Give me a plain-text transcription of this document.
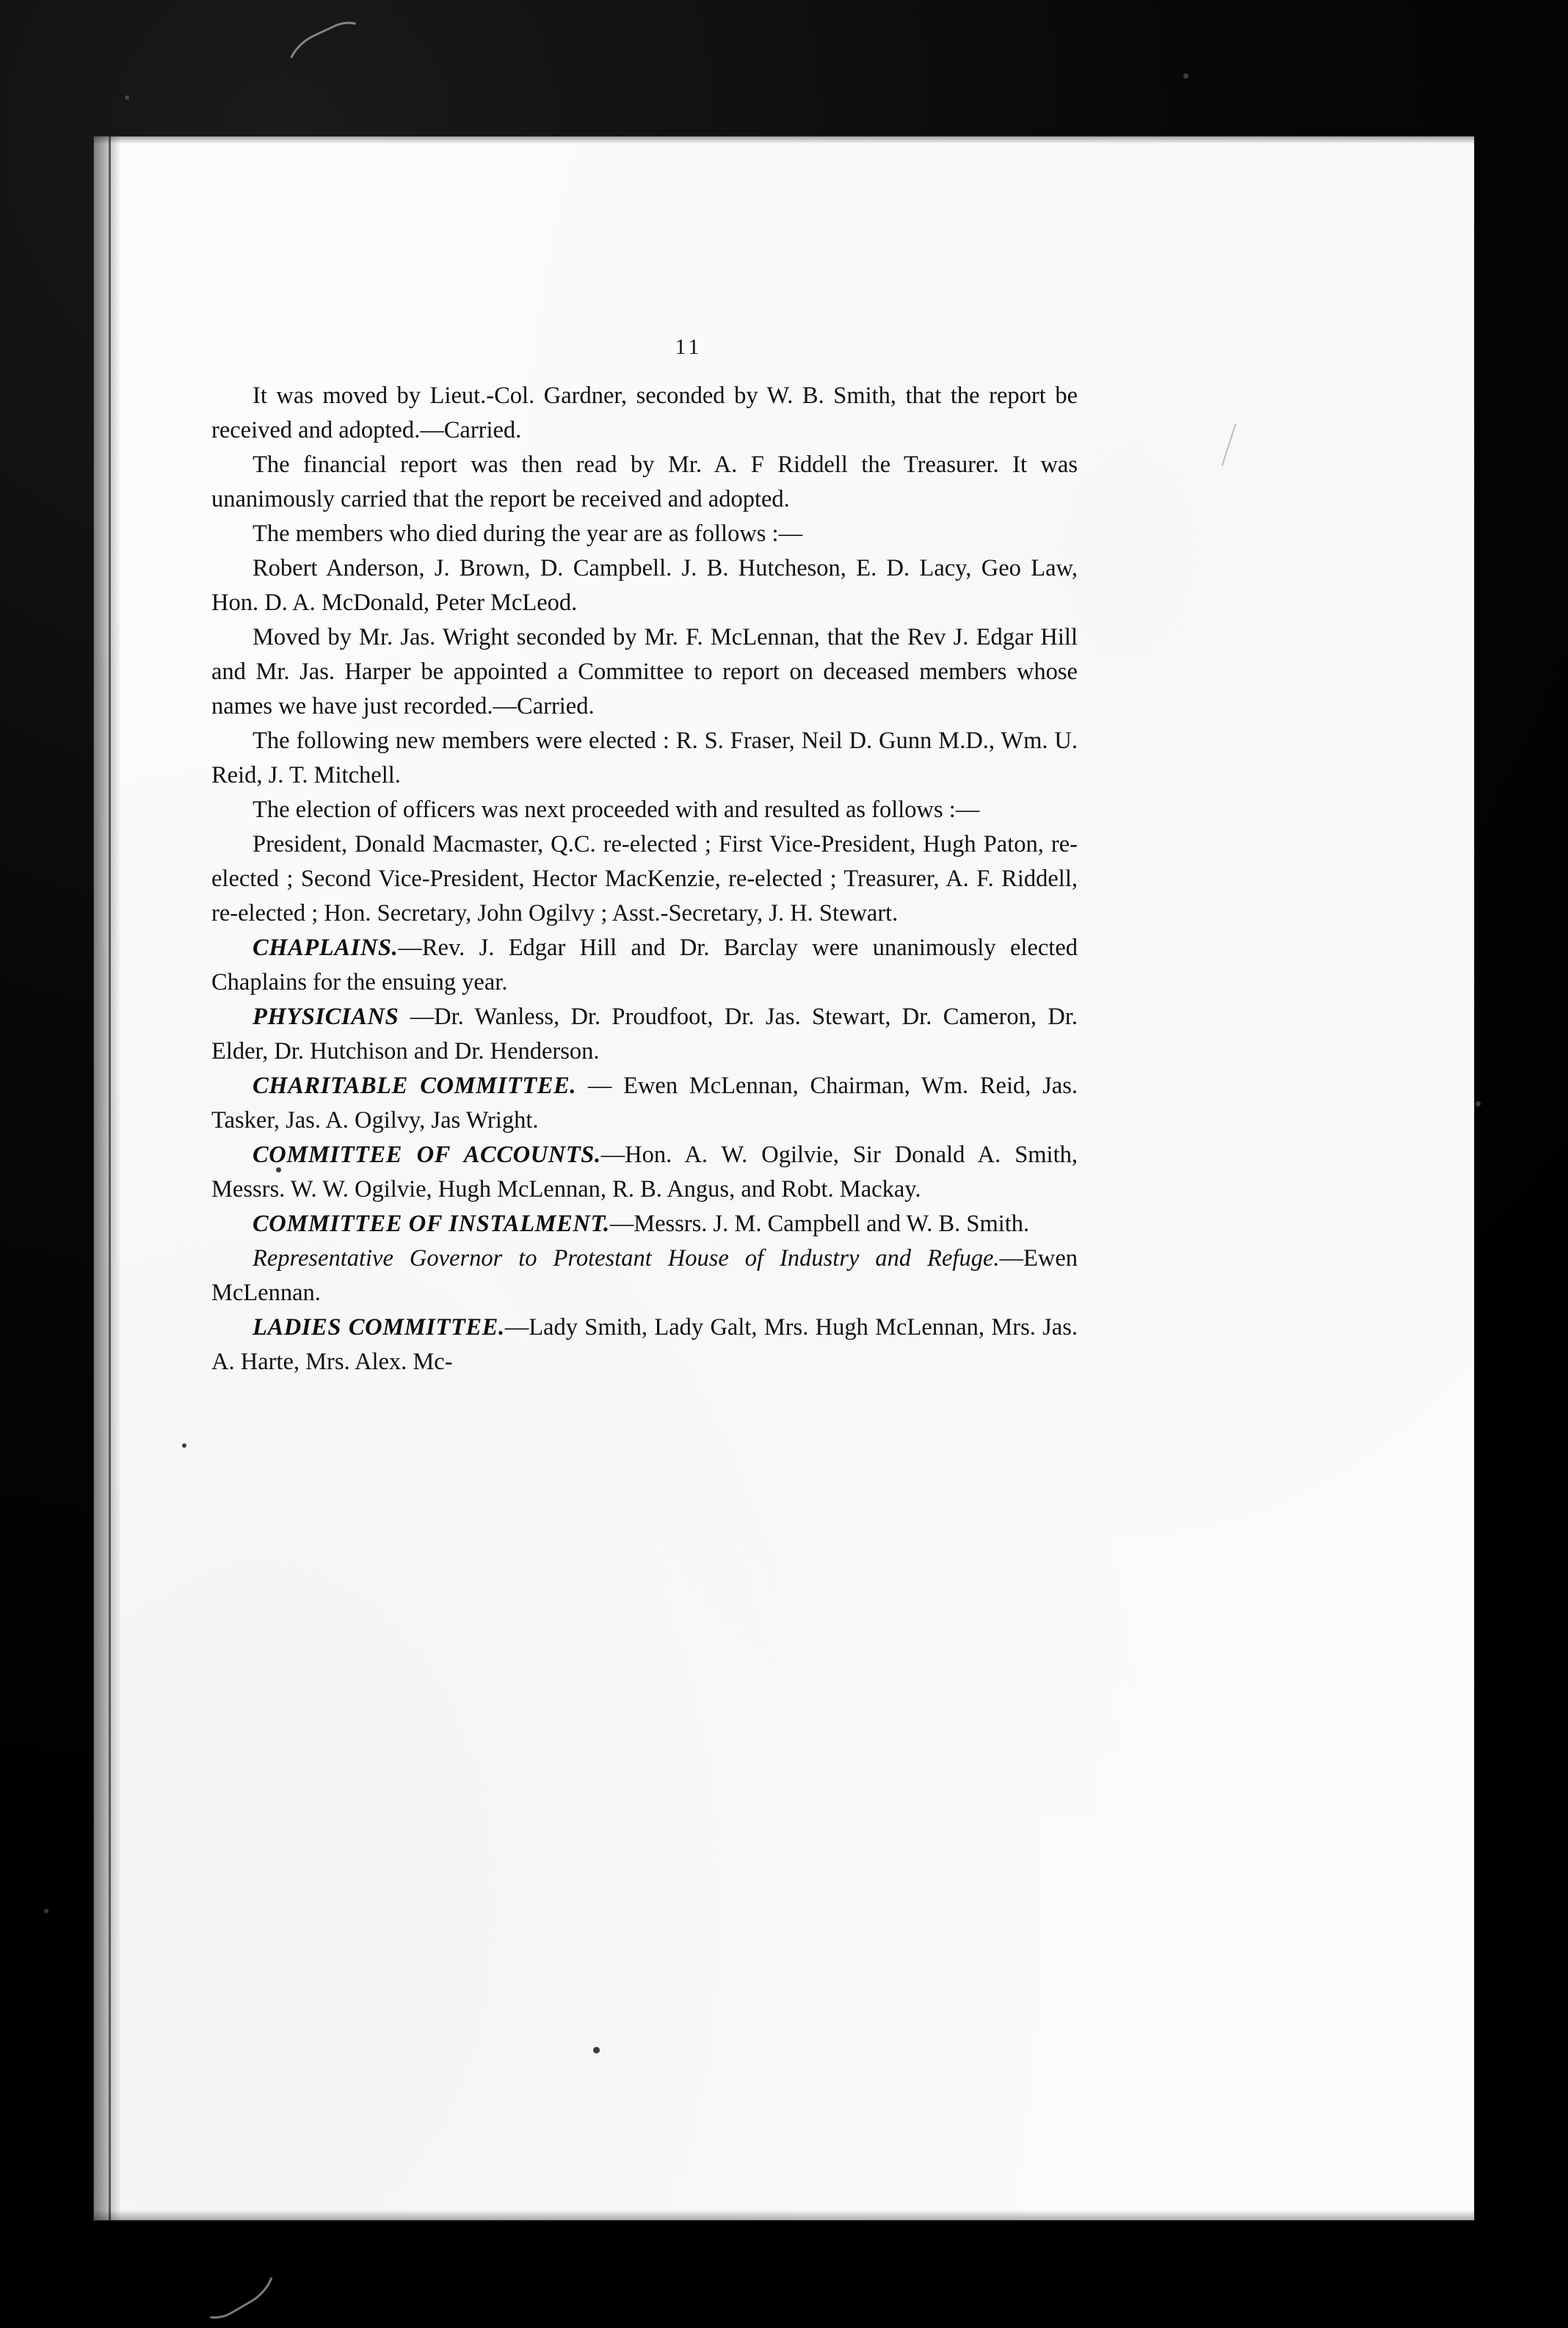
11

It was moved by Lieut.-Col. Gardner, seconded by W. B. Smith, that the report be received and adopted.—Carried.

The financial report was then read by Mr. A. F Riddell the Treasurer. It was unanimously carried that the report be received and adopted.

The members who died during the year are as follows :—

Robert Anderson, J. Brown, D. Campbell. J. B. Hutcheson, E. D. Lacy, Geo Law, Hon. D. A. McDonald, Peter McLeod.

Moved by Mr. Jas. Wright seconded by Mr. F. McLennan, that the Rev J. Edgar Hill and Mr. Jas. Harper be appointed a Committee to report on deceased members whose names we have just recorded.—Carried.

The following new members were elected : R. S. Fraser, Neil D. Gunn M.D., Wm. U. Reid, J. T. Mitchell.

The election of officers was next proceeded with and resulted as follows :—

President, Donald Macmaster, Q.C. re-elected ; First Vice-President, Hugh Paton, re-elected ; Second Vice-President, Hector MacKenzie, re-elected ; Treasurer, A. F. Riddell, re-elected ; Hon. Secretary, John Ogilvy ; Asst.-Secretary, J. H. Stewart.

CHAPLAINS.—Rev. J. Edgar Hill and Dr. Barclay were unanimously elected Chaplains for the ensuing year.

PHYSICIANS —Dr. Wanless, Dr. Proudfoot, Dr. Jas. Stewart, Dr. Cameron, Dr. Elder, Dr. Hutchison and Dr. Henderson.

CHARITABLE COMMITTEE. — Ewen McLennan, Chairman, Wm. Reid, Jas. Tasker, Jas. A. Ogilvy, Jas Wright.

COMMITTEE OF ACCOUNTS.—Hon. A. W. Ogilvie, Sir Donald A. Smith, Messrs. W. W. Ogilvie, Hugh McLennan, R. B. Angus, and Robt. Mackay.

COMMITTEE OF INSTALMENT.—Messrs. J. M. Campbell and W. B. Smith.

Representative Governor to Protestant House of Industry and Refuge.—Ewen McLennan.

LADIES COMMITTEE.—Lady Smith, Lady Galt, Mrs. Hugh McLennan, Mrs. Jas. A. Harte, Mrs. Alex. Mc-
